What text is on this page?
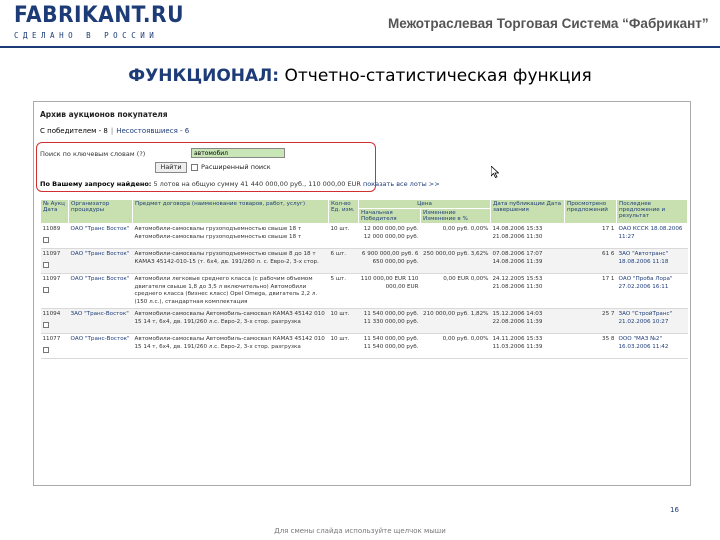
FABRIKANT.RU
СДЕЛАНО В РОССИИ
Межотраслевая Торговая Система “Фабрикант”
ФУНКЦИОНАЛ: Отчетно-статистическая функция
Архив аукционов покупателя
С победителем - 8 | Несостоявшиеся - 6
Поиск по ключевым словам (?)
автомобил
Найти	Расширенный поиск
По Вашему запросу найдено: 5 лотов на общую сумму 41 440 000,00 руб., 110 000,00 EUR показать все лоты >>
№ Аукц Дата	Организатор процедуры	Предмет договора (наименование товаров, работ, услуг)	Кол-во Ед. изм.	Цена		Дата публикации Дата завершения	Просмотрено предложений	Последнее предложение и результат
				Начальная Победителя	Изменение Изменение в %			
11089	ОАО "Транс Восток"	Автомобили-самосвалы грузоподъемностью свыше 18 т Автомобили-самосвалы грузоподъемностью свыше 18 т	10 шт.	12 000 000,00 руб. 12 000 000,00 руб.	0,00 руб. 0,00%	14.08.2006 15:33 21.08.2006 11:30	17 1	ОАО КССК 18.08.2006 11:27
11097	ОАО "Транс Восток"	Автомобили-самосвалы грузоподъемностью свыше 8 до 18 т КАМАЗ 45142-010-15 (т. 6х4, дв. 191/260 л. с. Евро-2, 3-х стор.	6 шт.	6 900 000,00 руб. 6 650 000,00 руб.	250 000,00 руб. 3,62%	07.08.2006 17:07 14.08.2006 11:39	61 6	ЗАО "Автотранс" 18.08.2006 11:18
11097	ОАО "Транс Восток"	Автомобили легковые среднего класса (с рабочим объемом двигателя свыше 1,8 до 3,5 л включительно) Автомобили среднего класса (бизнес класс) Opel Omega, двигатель 2,2 л. (150 л.с.), стандартная комплектация	5 шт.	110 000,00 EUR 110 000,00 EUR	0,00 EUR 0,00%	24.12.2005 15:53 21.08.2006 11:30	17 1	ОАО "Проба Лора" 27.02.2006 16:11
11094	ЗАО "Транс-Восток"	Автомобили-самосвалы Автомобиль-самосвал КАМАЗ 45142 010 15 14 т, 6х4, дв. 191/260 л.с. Евро-2, 3-х стор. разгрузка	10 шт.	11 540 000,00 руб. 11 330 000,00 руб.	210 000,00 руб. 1,82%	15.12.2006 14:03 22.08.2006 11:39	25 7	ЗАО "СтройТранс" 21.02.2006 10:27
11077	ОАО "Транс-Восток"	Автомобили-самосвалы Автомобиль-самосвал КАМАЗ 45142 010 15 14 т, 6х4, дв. 191/260 л.с. Евро-2, 3-х стор. разгрузка	10 шт.	11 540 000,00 руб. 11 540 000,00 руб.	0,00 руб. 0,00%	14.11.2006 15:33 11.03.2006 11:39	35 8	ООО "МАЗ №2" 16.03.2006 11:42
16
Для смены слайда используйте щелчок мыши
